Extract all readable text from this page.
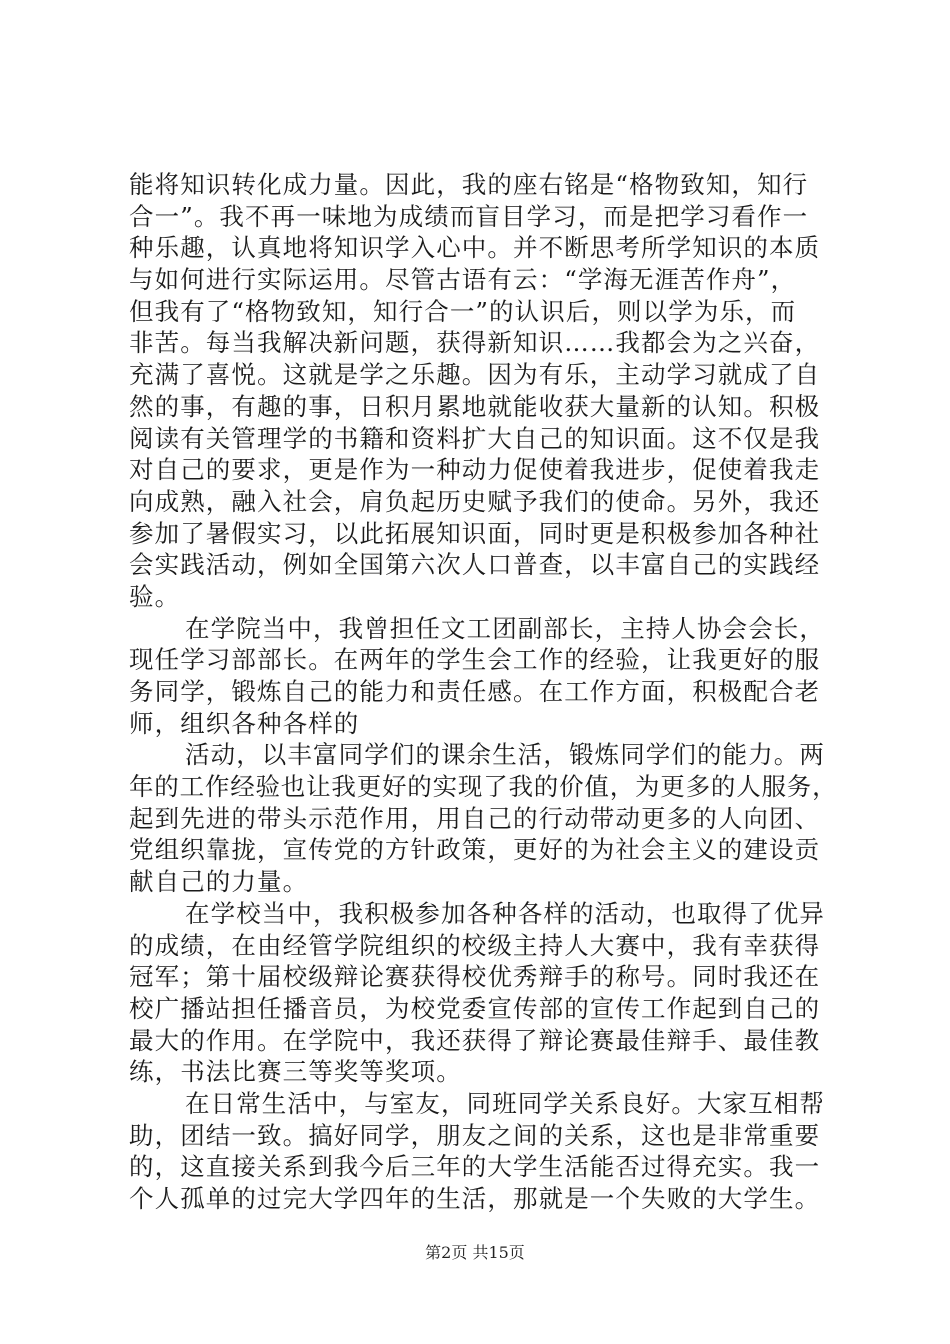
能将知识转化成力量。因此，我的座右铭是“格物致知，知行
合一”。我不再一味地为成绩而盲目学习，而是把学习看作一
种乐趣，认真地将知识学入心中。并不断思考所学知识的本质
与如何进行实际运用。尽管古语有云：“学海无涯苦作舟”，
但我有了“格物致知，知行合一”的认识后，则以学为乐，而
非苦。每当我解决新问题，获得新知识……我都会为之兴奋，
充满了喜悦。这就是学之乐趣。因为有乐，主动学习就成了自
然的事，有趣的事，日积月累地就能收获大量新的认知。积极
阅读有关管理学的书籍和资料扩大自己的知识面。这不仅是我
对自己的要求，更是作为一种动力促使着我进步，促使着我走
向成熟，融入社会，肩负起历史赋予我们的使命。另外，我还
参加了暑假实习，以此拓展知识面，同时更是积极参加各种社
会实践活动，例如全国第六次人口普查，以丰富自己的实践经
验。
在学院当中，我曾担任文工团副部长，主持人协会会长，
现任学习部部长。在两年的学生会工作的经验，让我更好的服
务同学，锻炼自己的能力和责任感。在工作方面，积极配合老
师，组织各种各样的
活动，以丰富同学们的课余生活，锻炼同学们的能力。两
年的工作经验也让我更好的实现了我的价值，为更多的人服务，
起到先进的带头示范作用，用自己的行动带动更多的人向团、
党组织靠拢，宣传党的方针政策，更好的为社会主义的建设贡
献自己的力量。
在学校当中，我积极参加各种各样的活动，也取得了优异
的成绩，在由经管学院组织的校级主持人大赛中，我有幸获得
冠军；第十届校级辩论赛获得校优秀辩手的称号。同时我还在
校广播站担任播音员，为校党委宣传部的宣传工作起到自己的
最大的作用。在学院中，我还获得了辩论赛最佳辩手、最佳教
练，书法比赛三等奖等奖项。
在日常生活中，与室友，同班同学关系良好。大家互相帮
助，团结一致。搞好同学，朋友之间的关系，这也是非常重要
的，这直接关系到我今后三年的大学生活能否过得充实。我一
个人孤单的过完大学四年的生活，那就是一个失败的大学生。
第2页 共15页
